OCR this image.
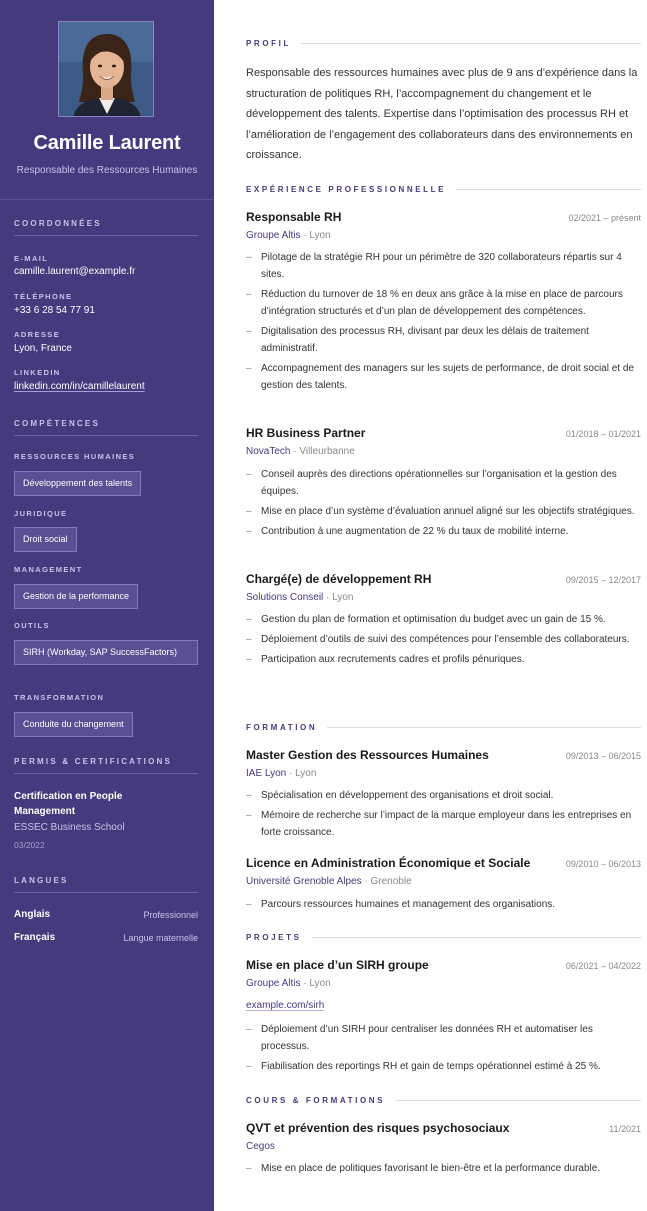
Camille Laurent
Responsable des Ressources Humaines
COORDONNÉES
E-MAIL
camille.laurent@example.fr
TÉLÉPHONE
+33 6 28 54 77 91
ADRESSE
Lyon, France
LINKEDIN
linkedin.com/in/camillelaurent
COMPÉTENCES
RESSOURCES HUMAINES
Développement des talents
JURIDIQUE
Droit social
MANAGEMENT
Gestion de la performance
OUTILS
SIRH (Workday, SAP SuccessFactors)
TRANSFORMATION
Conduite du changement
PERMIS & CERTIFICATIONS
Certification en People Management
ESSEC Business School
03/2022
LANGUES
Anglais	Professionnel
Français	Langue maternelle
PROFIL

Responsable des ressources humaines avec plus de 9 ans d’expérience dans la structuration de politiques RH, l’accompagnement du changement et le développement des talents. Expertise dans l’optimisation des processus RH et l’amélioration de l’engagement des collaborateurs dans des environnements en croissance.

EXPÉRIENCE PROFESSIONNELLE
Responsable RH	02/2021 – présent
Groupe Altis · Lyon
– Pilotage de la stratégie RH pour un périmètre de 320 collaborateurs répartis sur 4 sites.
– Réduction du turnover de 18 % en deux ans grâce à la mise en place de parcours d’intégration structurés et d’un plan de développement des compétences.
– Digitalisation des processus RH, divisant par deux les délais de traitement administratif.
– Accompagnement des managers sur les sujets de performance, de droit social et de gestion des talents.
HR Business Partner	01/2018 – 01/2021
NovaTech · Villeurbanne
– Conseil auprès des directions opérationnelles sur l’organisation et la gestion des équipes.
– Mise en place d’un système d’évaluation annuel aligné sur les objectifs stratégiques.
– Contribution à une augmentation de 22 % du taux de mobilité interne.
Chargé(e) de développement RH	09/2015 – 12/2017
Solutions Conseil · Lyon
– Gestion du plan de formation et optimisation du budget avec un gain de 15 %.
– Déploiement d’outils de suivi des compétences pour l’ensemble des collaborateurs.
– Participation aux recrutements cadres et profils pénuriques.
FORMATION
Master Gestion des Ressources Humaines	09/2013 – 06/2015
IAE Lyon · Lyon
– Spécialisation en développement des organisations et droit social.
– Mémoire de recherche sur l’impact de la marque employeur dans les entreprises en forte croissance.
Licence en Administration Économique et Sociale	09/2010 – 06/2013
Université Grenoble Alpes · Grenoble
– Parcours ressources humaines et management des organisations.
PROJETS
Mise en place d’un SIRH groupe	06/2021 – 04/2022
Groupe Altis · Lyon
example.com/sirh
– Déploiement d’un SIRH pour centraliser les données RH et automatiser les processus.
– Fiabilisation des reportings RH et gain de temps opérationnel estimé à 25 %.
COURS & FORMATIONS
QVT et prévention des risques psychosociaux	11/2021
Cegos
– Mise en place de politiques favorisant le bien-être et la performance durable.
